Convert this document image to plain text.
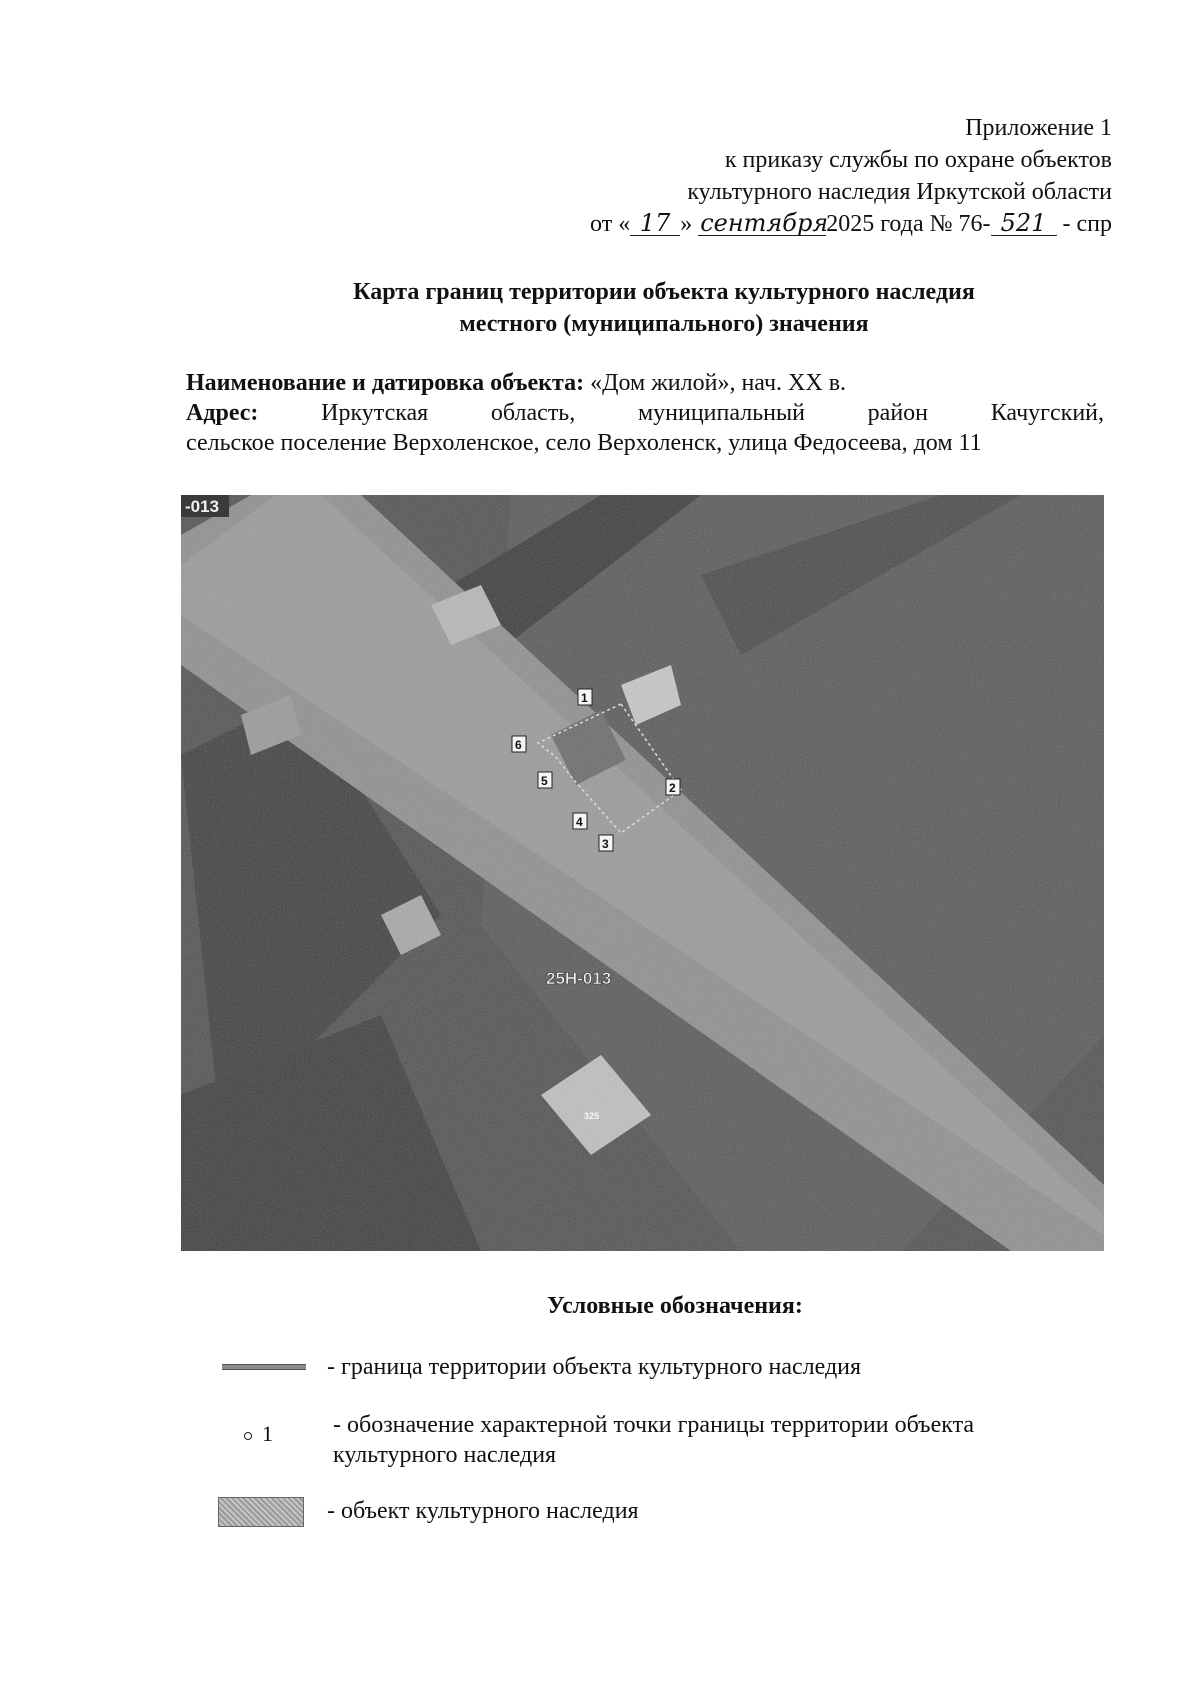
Приложение 1
к приказу службы по охране объектов
культурного наследия Иркутской области
от « 17 » сентября2025 года № 76- 521 - спр
Карта границ территории объекта культурного наследия
местного (муниципального) значения
Наименование и датировка объекта: «Дом жилой», нач. XX в.
Адрес:	Иркутская область, муниципальный район Качугский,
сельское поселение Верхоленское, село Верхоленск, улица Федосеева, дом 11
-013
25Н-013
325
1
2
3
4
5
6
Условные обозначения:
- граница территории объекта культурного наследия
1	- обозначение характерной точки границы территории объекта
культурного наследия
- объект культурного наследия
